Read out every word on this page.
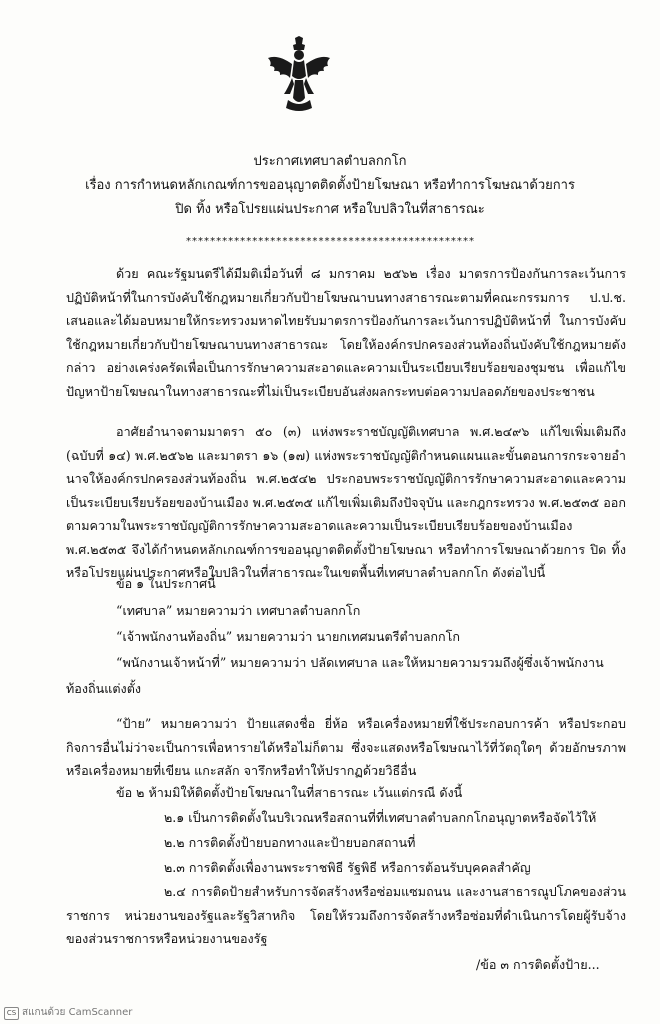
ประกาศเทศบาลตำบลกกโก
เรื่อง การกำหนดหลักเกณฑ์การขออนุญาตติดตั้งป้ายโฆษณา หรือทำการโฆษณาด้วยการ
ปิด ทิ้ง หรือโปรยแผ่นประกาศ หรือใบปลิวในที่สาธารณะ
************************************************
ด้วย คณะรัฐมนตรีได้มีมติเมื่อวันที่ ๘ มกราคม ๒๕๖๒ เรื่อง มาตรการป้องกันการละเว้นการปฏิบัติหน้าที่ในการบังคับใช้กฎหมายเกี่ยวกับป้ายโฆษณาบนทางสาธารณะตามที่คณะกรรมการ ป.ป.ช. เสนอและได้มอบหมายให้กระทรวงมหาดไทยรับมาตรการป้องกันการละเว้นการปฏิบัติหน้าที่ ในการบังคับใช้กฎหมายเกี่ยวกับป้ายโฆษณาบนทางสาธารณะ โดยให้องค์กรปกครองส่วนท้องถิ่นบังคับใช้กฎหมายดังกล่าว อย่างเคร่งครัดเพื่อเป็นการรักษาความสะอาดและความเป็นระเบียบเรียบร้อยของชุมชน เพื่อแก้ไขปัญหาป้ายโฆษณาในทางสาธารณะที่ไม่เป็นระเบียบอันส่งผลกระทบต่อความปลอดภัยของประชาชน
อาศัยอำนาจตามมาตรา ๕๐ (๓) แห่งพระราชบัญญัติเทศบาล พ.ศ.๒๔๙๖ แก้ไขเพิ่มเติมถึง (ฉบับที่ ๑๔) พ.ศ.๒๕๖๒ และมาตรา ๑๖ (๑๗) แห่งพระราชบัญญัติกำหนดแผนและขั้นตอนการกระจายอำนาจให้องค์กรปกครองส่วนท้องถิ่น พ.ศ.๒๕๔๒ ประกอบพระราชบัญญัติการรักษาความสะอาดและความเป็นระเบียบเรียบร้อยของบ้านเมือง พ.ศ.๒๕๓๕ แก้ไขเพิ่มเติมถึงปัจจุบัน และกฎกระทรวง พ.ศ.๒๕๓๕ ออกตามความในพระราชบัญญัติการรักษาความสะอาดและความเป็นระเบียบเรียบร้อยของบ้านเมือง พ.ศ.๒๕๓๕ จึงได้กำหนดหลักเกณฑ์การขออนุญาตติดตั้งป้ายโฆษณา หรือทำการโฆษณาด้วยการ ปิด ทิ้ง หรือโปรยแผ่นประกาศหรือใบปลิวในที่สาธารณะในเขตพื้นที่เทศบาลตำบลกกโก ดังต่อไปนี้
ข้อ ๑ ในประกาศนี้
“เทศบาล” หมายความว่า เทศบาลตำบลกกโก
“เจ้าพนักงานท้องถิ่น” หมายความว่า นายกเทศมนตรีตำบลกกโก
“พนักงานเจ้าหน้าที่” หมายความว่า ปลัดเทศบาล และให้หมายความรวมถึงผู้ซึ่งเจ้าพนักงาน
ท้องถิ่นแต่งตั้ง
“ป้าย” หมายความว่า ป้ายแสดงชื่อ ยี่ห้อ หรือเครื่องหมายที่ใช้ประกอบการค้า หรือประกอบกิจการอื่นไม่ว่าจะเป็นการเพื่อหารายได้หรือไม่ก็ตาม ซึ่งจะแสดงหรือโฆษณาไว้ที่วัตถุใดๆ ด้วยอักษรภาพหรือเครื่องหมายที่เขียน แกะสลัก จารึกหรือทำให้ปรากฏด้วยวิธีอื่น
ข้อ ๒ ห้ามมิให้ติดตั้งป้ายโฆษณาในที่สาธารณะ เว้นแต่กรณี ดังนี้
๒.๑ เป็นการติดตั้งในบริเวณหรือสถานที่ที่เทศบาลตำบลกกโกอนุญาตหรือจัดไว้ให้
๒.๒ การติดตั้งป้ายบอกทางและป้ายบอกสถานที่
๒.๓ การติดตั้งเพื่องานพระราชพิธี รัฐพิธี หรือการต้อนรับบุคคลสำคัญ
๒.๔ การติดป้ายสำหรับการจัดสร้างหรือซ่อมแซมถนน และงานสาธารณูปโภคของส่วนราชการ หน่วยงานของรัฐและรัฐวิสาหกิจ โดยให้รวมถึงการจัดสร้างหรือซ่อมที่ดำเนินการโดยผู้รับจ้างของส่วนราชการหรือหน่วยงานของรัฐ
/ข้อ ๓ การติดตั้งป้าย...
CS สแกนด้วย CamScanner
